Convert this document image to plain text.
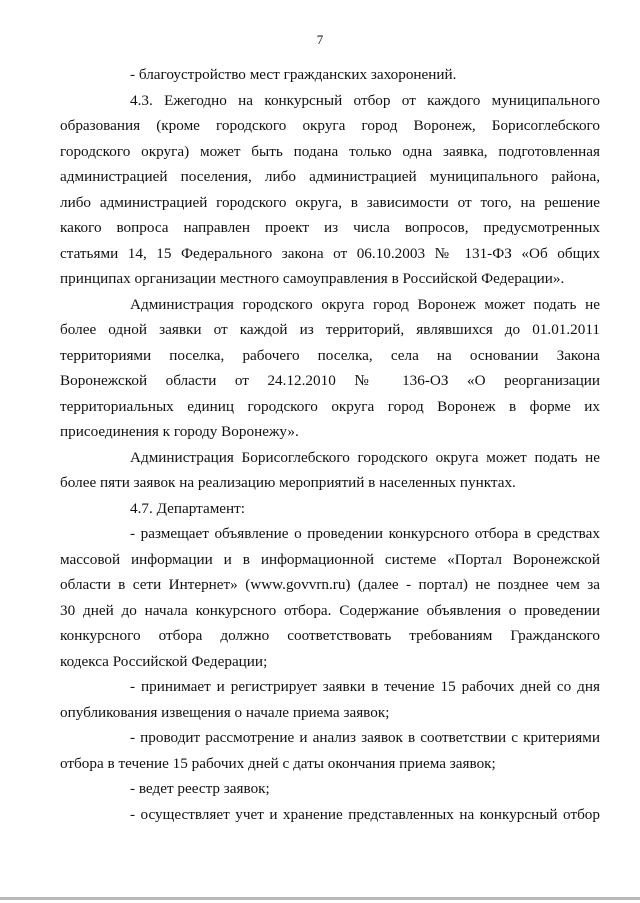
7
- благоустройство мест гражданских захоронений.
4.3. Ежегодно на конкурсный отбор от каждого муниципального
образования (кроме городского округа город Воронеж, Борисоглебского
городского округа) может быть подана только одна заявка, подготовленная
администрацией поселения, либо администрацией муниципального района,
либо администрацией городского округа, в зависимости от того, на решение
какого вопроса направлен проект из числа вопросов, предусмотренных
статьями 14, 15 Федерального закона от 06.10.2003 № 131-ФЗ «Об общих
принципах организации местного самоуправления в Российской Федерации».
Администрация городского округа город Воронеж может подать не
более одной заявки от каждой из территорий, являвшихся до 01.01.2011
территориями поселка, рабочего поселка, села на основании Закона
Воронежской области от 24.12.2010 № 136-ОЗ «О реорганизации
территориальных единиц городского округа город Воронеж в форме их
присоединения к городу Воронежу».
Администрация Борисоглебского городского округа может подать не
более пяти заявок на реализацию мероприятий в населенных пунктах.
4.7. Департамент:
- размещает объявление о проведении конкурсного отбора в средствах
массовой информации и в информационной системе «Портал Воронежской
области в сети Интернет» (www.govvrn.ru) (далее - портал) не позднее чем за
30 дней до начала конкурсного отбора. Содержание объявления о проведении
конкурсного отбора должно соответствовать требованиям Гражданского
кодекса Российской Федерации;
- принимает и регистрирует заявки в течение 15 рабочих дней со дня
опубликования извещения о начале приема заявок;
- проводит рассмотрение и анализ заявок в соответствии с критериями
отбора в течение 15 рабочих дней с даты окончания приема заявок;
- ведет реестр заявок;
- осуществляет учет и хранение представленных на конкурсный отбор
